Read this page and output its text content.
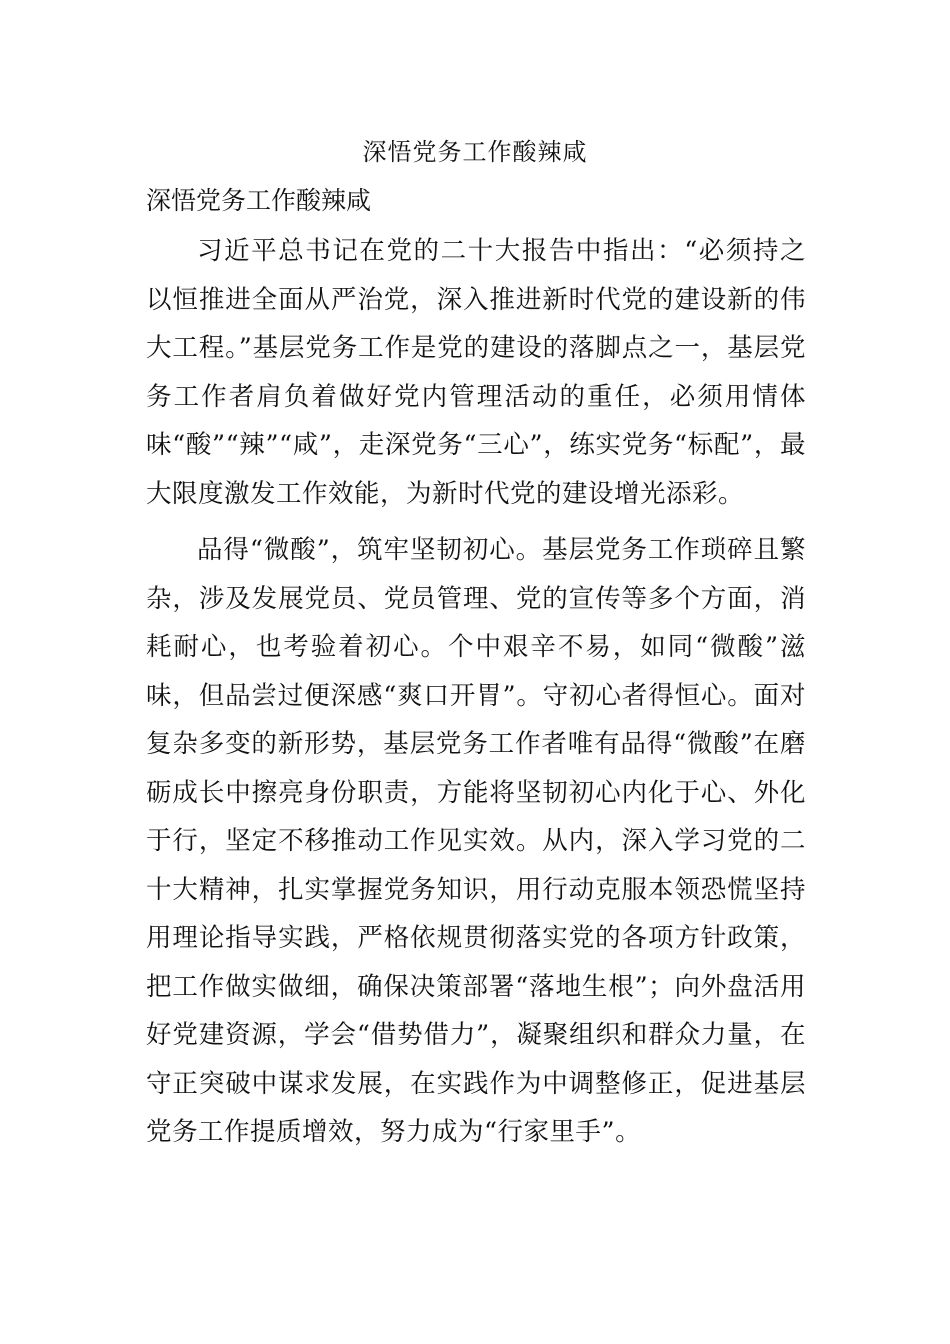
深悟党务工作酸辣咸
深悟党务工作酸辣咸

习近平总书记在党的二十大报告中指出：“必须持之以恒推进全面从严治党，深入推进新时代党的建设新的伟大工程。”基层党务工作是党的建设的落脚点之一，基层党务工作者肩负着做好党内管理活动的重任，必须用情体味“酸”“辣”“咸”，走深党务“三心”，练实党务“标配”，最大限度激发工作效能，为新时代党的建设增光添彩。

品得“微酸”，筑牢坚韧初心。基层党务工作琐碎且繁杂，涉及发展党员、党员管理、党的宣传等多个方面，消耗耐心，也考验着初心。个中艰辛不易，如同“微酸”滋味，但品尝过便深感“爽口开胃”。守初心者得恒心。面对复杂多变的新形势，基层党务工作者唯有品得“微酸”在磨砺成长中擦亮身份职责，方能将坚韧初心内化于心、外化于行，坚定不移推动工作见实效。从内，深入学习党的二十大精神，扎实掌握党务知识，用行动克服本领恐慌坚持用理论指导实践，严格依规贯彻落实党的各项方针政策，把工作做实做细，确保决策部署“落地生根”；向外盘活用好党建资源，学会“借势借力”，凝聚组织和群众力量，在守正突破中谋求发展，在实践作为中调整修正，促进基层党务工作提质增效，努力成为“行家里手”。
